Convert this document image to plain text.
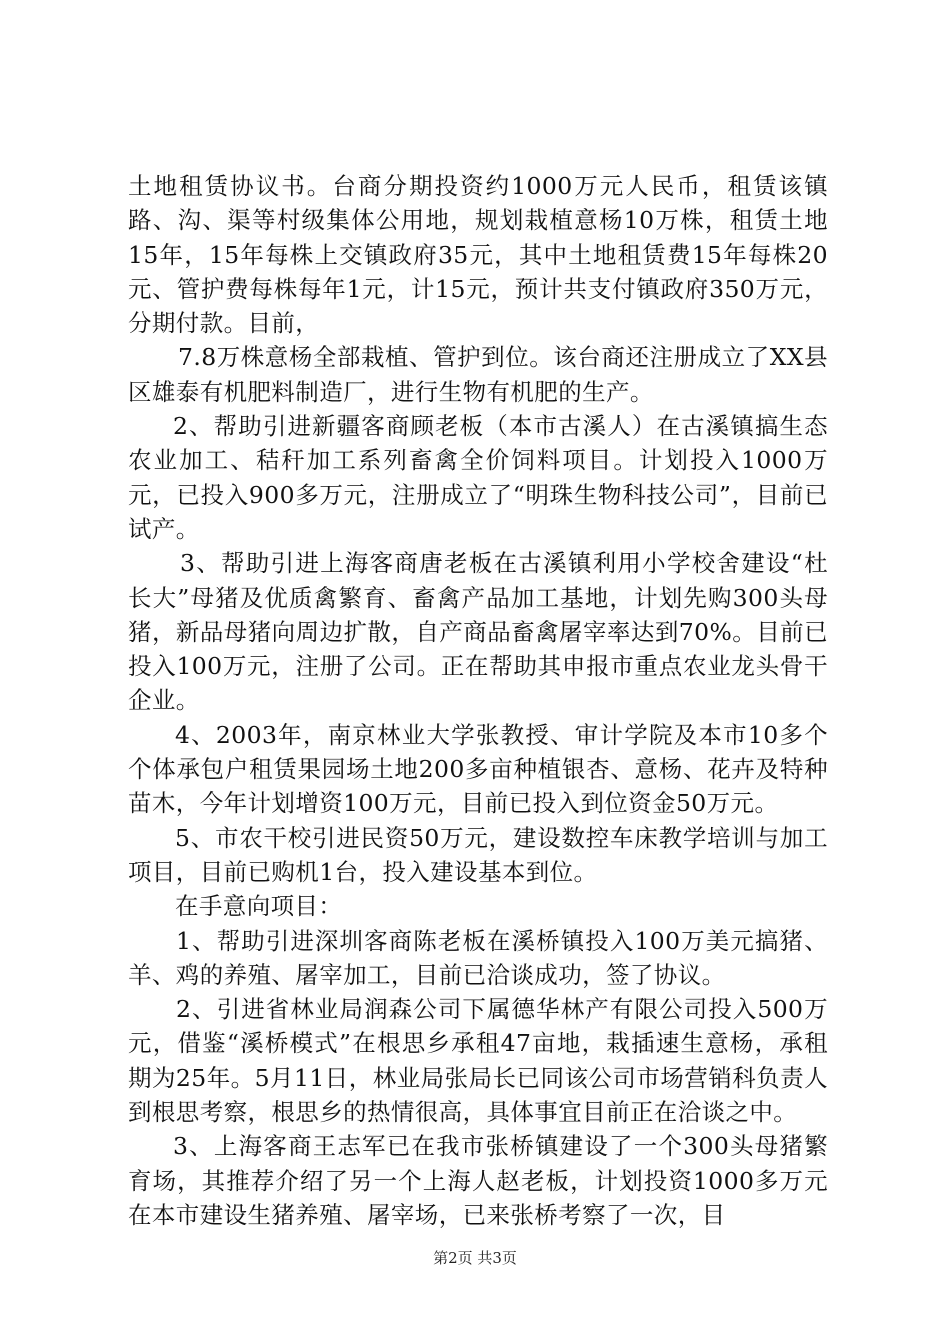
土地租赁协议书。台商分期投资约1000万元人民币，租赁该镇路、沟、渠等村级集体公用地，规划栽植意杨10万株，租赁土地15年，15年每株上交镇政府35元，其中土地租赁费15年每株20元、管护费每株每年1元，计15元，预计共支付镇政府350万元，分期付款。目前，

7.8万株意杨全部栽植、管护到位。该台商还注册成立了XX县区雄泰有机肥料制造厂，进行生物有机肥的生产。

2、帮助引进新疆客商顾老板（本市古溪人）在古溪镇搞生态农业加工、秸秆加工系列畜禽全价饲料项目。计划投入1000万元，已投入900多万元，注册成立了“明珠生物科技公司”，目前已试产。

3、帮助引进上海客商唐老板在古溪镇利用小学校舍建设“杜长大”母猪及优质禽繁育、畜禽产品加工基地，计划先购300头母猪，新品母猪向周边扩散，自产商品畜禽屠宰率达到70%。目前已投入100万元，注册了公司。正在帮助其申报市重点农业龙头骨干企业。

4、2003年，南京林业大学张教授、审计学院及本市10多个个体承包户租赁果园场土地200多亩种植银杏、意杨、花卉及特种苗木，今年计划增资100万元，目前已投入到位资金50万元。

5、市农干校引进民资50万元，建设数控车床教学培训与加工项目，目前已购机1台，投入建设基本到位。

在手意向项目：

1、帮助引进深圳客商陈老板在溪桥镇投入100万美元搞猪、羊、鸡的养殖、屠宰加工，目前已洽谈成功，签了协议。

2、引进省林业局润森公司下属德华林产有限公司投入500万元，借鉴“溪桥模式”在根思乡承租47亩地，栽插速生意杨，承租期为25年。5月11日，林业局张局长已同该公司市场营销科负责人到根思考察，根思乡的热情很高，具体事宜目前正在洽谈之中。

3、上海客商王志军已在我市张桥镇建设了一个300头母猪繁育场，其推荐介绍了另一个上海人赵老板，计划投资1000多万元在本市建设生猪养殖、屠宰场，已来张桥考察了一次，目

第2页 共3页
